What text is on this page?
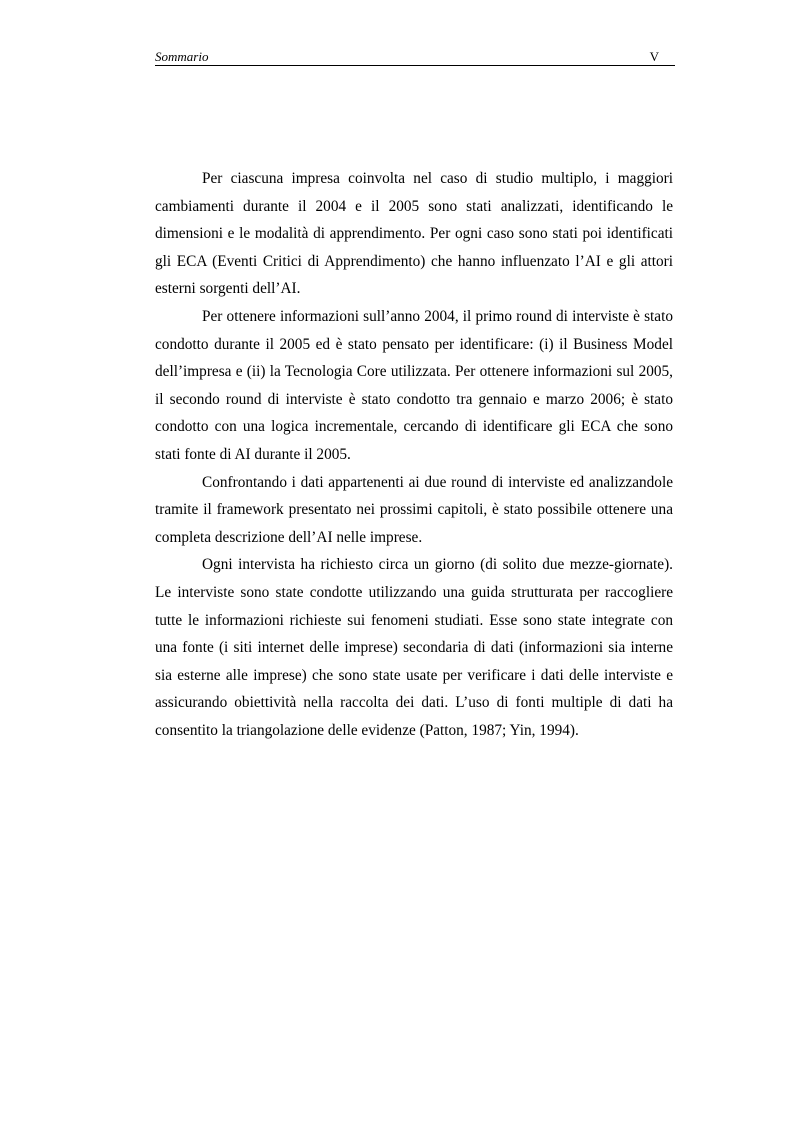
Sommario	V

Per ciascuna impresa coinvolta nel caso di studio multiplo, i maggiori cambiamenti durante il 2004 e il 2005 sono stati analizzati, identificando le dimensioni e le modalità di apprendimento. Per ogni caso sono stati poi identificati gli ECA (Eventi Critici di Apprendimento) che hanno influenzato l’AI e gli attori esterni sorgenti dell’AI.

Per ottenere informazioni sull’anno 2004, il primo round di interviste è stato condotto durante il 2005 ed è stato pensato per identificare: (i) il Business Model dell’impresa e (ii) la Tecnologia Core utilizzata. Per ottenere informazioni sul 2005, il secondo round di interviste è stato condotto tra gennaio e marzo 2006; è stato condotto con una logica incrementale, cercando di identificare gli ECA che sono stati fonte di AI durante il 2005.

Confrontando i dati appartenenti ai due round di interviste ed analizzandole tramite il framework presentato nei prossimi capitoli, è stato possibile ottenere una completa descrizione dell’AI nelle imprese.

Ogni intervista ha richiesto circa un giorno (di solito due mezze-giornate). Le interviste sono state condotte utilizzando una guida strutturata per raccogliere tutte le informazioni richieste sui fenomeni studiati. Esse sono state integrate con una fonte (i siti internet delle imprese) secondaria di dati (informazioni sia interne sia esterne alle imprese) che sono state usate per verificare i dati delle interviste e assicurando obiettività nella raccolta dei dati. L’uso di fonti multiple di dati ha consentito la triangolazione delle evidenze (Patton, 1987; Yin, 1994).
